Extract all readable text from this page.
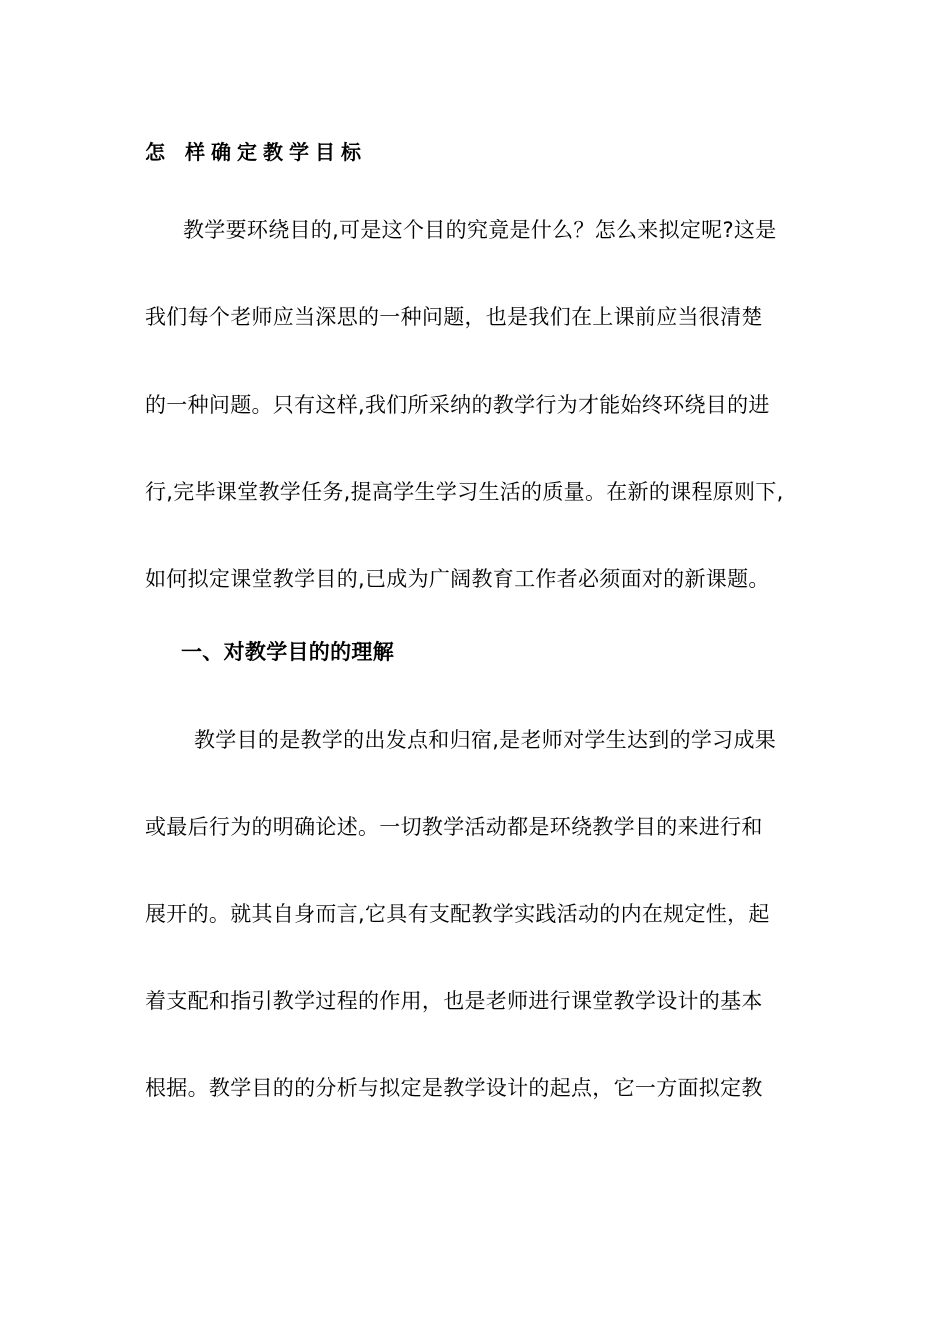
怎 样确定教学目标
教学要环绕目的,可是这个目的究竟是什么？怎么来拟定呢?这是
我们每个老师应当深思的一种问题，也是我们在上课前应当很清楚
的一种问题。只有这样,我们所采纳的教学行为才能始终环绕目的进
行,完毕课堂教学任务,提高学生学习生活的质量。在新的课程原则下,
如何拟定课堂教学目的,已成为广阔教育工作者必须面对的新课题。
一、对教学目的的理解
教学目的是教学的出发点和归宿,是老师对学生达到的学习成果
或最后行为的明确论述。一切教学活动都是环绕教学目的来进行和
展开的。就其自身而言,它具有支配教学实践活动的内在规定性，起
着支配和指引教学过程的作用，也是老师进行课堂教学设计的基本
根据。教学目的的分析与拟定是教学设计的起点，它一方面拟定教
